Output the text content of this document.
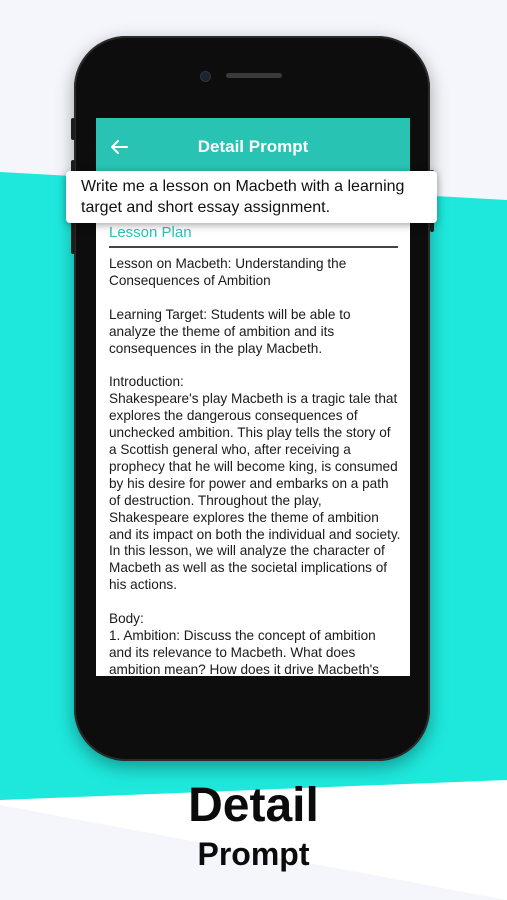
Detail Prompt
Lesson Plan
Lesson on Macbeth: Understanding the Consequences of Ambition

Learning Target: Students will be able to analyze the theme of ambition and its consequences in the play Macbeth.

Introduction:
Shakespeare's play Macbeth is a tragic tale that explores the dangerous consequences of unchecked ambition. This play tells the story of a Scottish general who, after receiving a prophecy that he will become king, is consumed by his desire for power and embarks on a path of destruction. Throughout the play, Shakespeare explores the theme of ambition and its impact on both the individual and society. In this lesson, we will analyze the character of Macbeth as well as the societal implications of his actions.

Body:
1. Ambition: Discuss the concept of ambition and its relevance to Macbeth. What does ambition mean? How does it drive Macbeth's
Write me a lesson on Macbeth with a learning target and short essay assignment.
Detail
Prompt
